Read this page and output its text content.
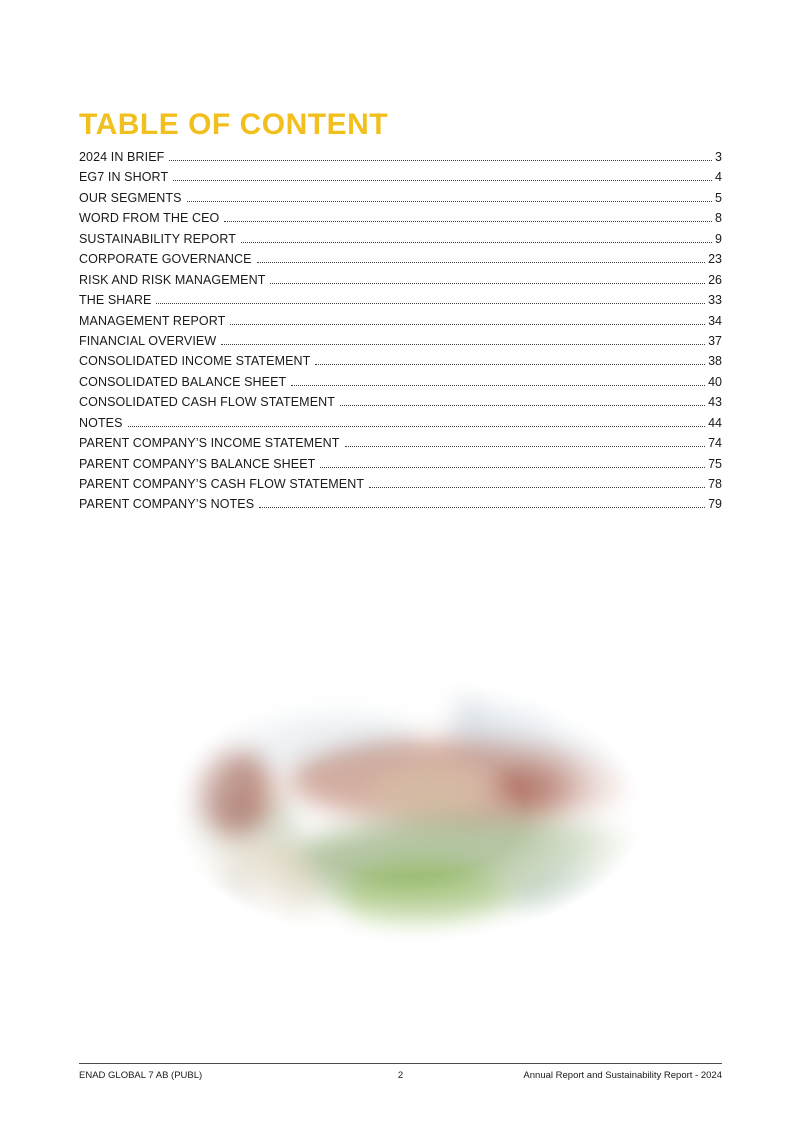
TABLE OF CONTENT
2024 IN BRIEF	3
EG7 IN SHORT	4
OUR SEGMENTS	5
WORD FROM THE CEO	8
SUSTAINABILITY REPORT	9
CORPORATE GOVERNANCE	23
RISK AND RISK MANAGEMENT	26
THE SHARE	33
MANAGEMENT REPORT	34
FINANCIAL OVERVIEW	37
CONSOLIDATED INCOME STATEMENT	38
CONSOLIDATED BALANCE SHEET	40
CONSOLIDATED CASH FLOW STATEMENT	43
NOTES	44
PARENT COMPANY’S INCOME STATEMENT	74
PARENT COMPANY’S BALANCE SHEET	75
PARENT COMPANY’S CASH FLOW STATEMENT	78
PARENT COMPANY’S NOTES	79
ENAD GLOBAL 7 AB (PUBL)	2	Annual Report and Sustainability Report - 2024
